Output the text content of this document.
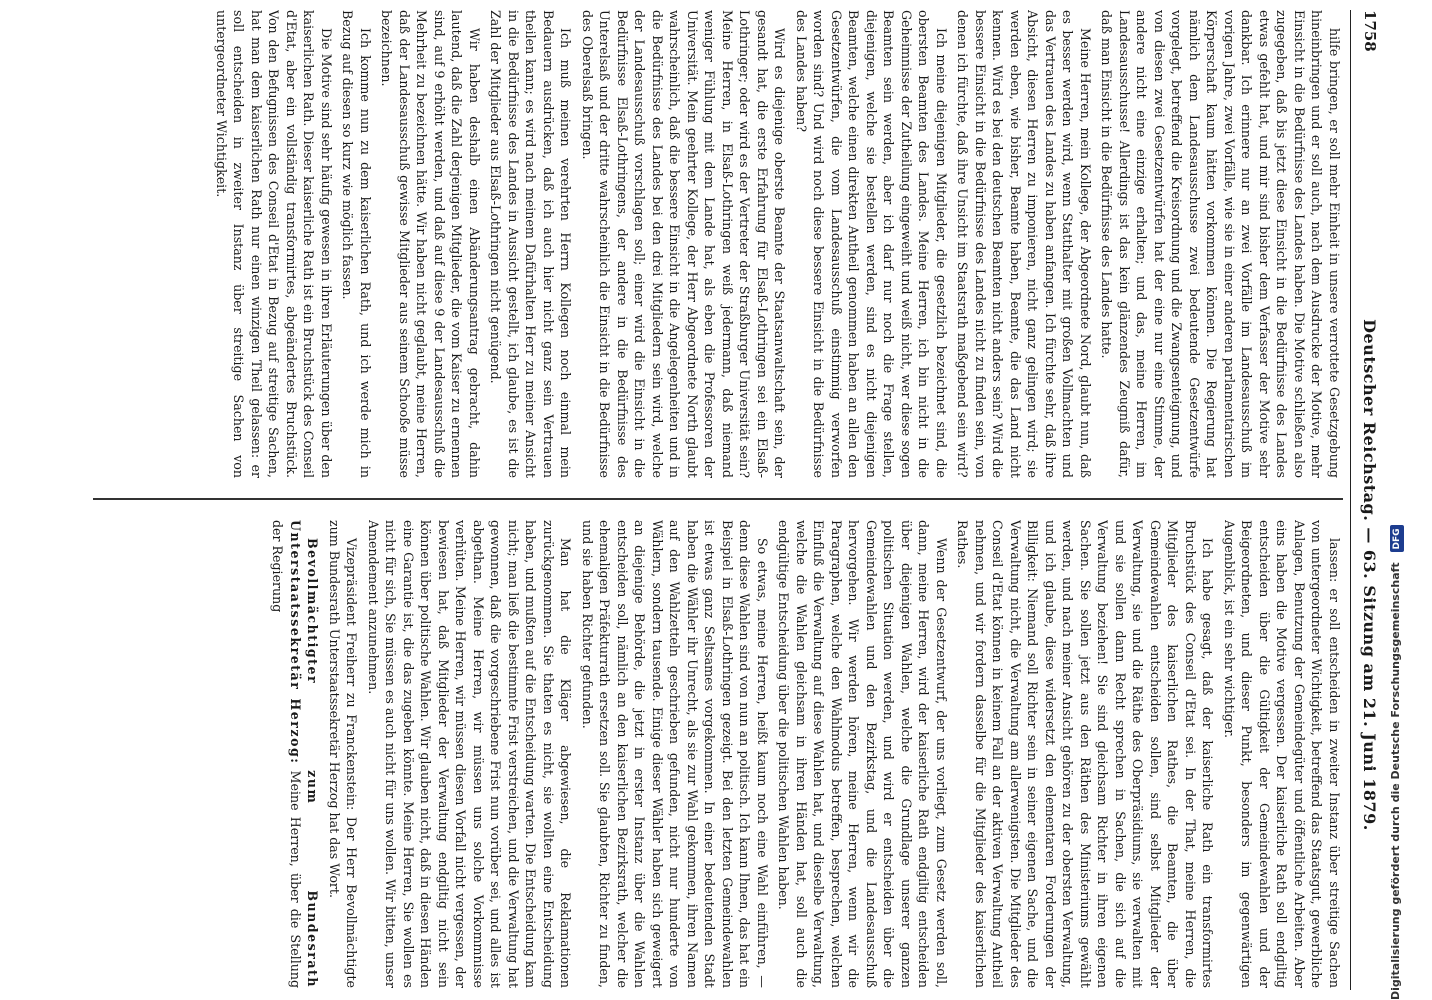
1758
Deutscher Reichstag. — 63. Sitzung am 21. Juni 1879.

hilfe bringen, er soll mehr Einheit in unsere verrottete Gesetzgebung hineinbringen und er soll auch, nach dem Ausdrucke der Motive, mehr Einsicht in die Bedürfnisse des Landes haben. Die Motive schließen also zugegeben, daß bis jetzt diese Einsicht in die Bedürfnisse des Landes etwas gefehlt hat, und mir sind bisher dem Verfasser der Motive sehr dankbar. Ich erinnere nur an zwei Vorfälle im Landesausschuß im vorigen Jahre, zwei Vorfälle, wie sie in einer anderen parlamentarischen Körperschaft kaum hätten vorkommen können. Die Regierung hat nämlich dem Landesausschusse zwei bedeutende Gesetzentwürfe vorgelegt, betreffend die Kreisordnung und die Zwangsenteignung, und von diesen zwei Gesetzentwürfen hat der eine nur eine Stimme, der andere nicht eine einzige erhalten; und das, meine Herren, im Landesausschusse! Allerdings ist das kein glänzendes Zeugniß dafür, daß man Einsicht in die Bedürfnisse des Landes hatte.

Meine Herren, mein Kollege, der Abgeordnete Nord, glaubt nun, daß es besser werden wird, wenn Statthalter mit großen Vollmachten und das Vertrauen des Landes zu haben anfangen. Ich fürchte sehr, daß ihre Absicht, diesen Herren zu imponieren, nicht ganz gelingen wird; sie werden eben, wie bisher, Beamte haben, Beamte, die das Land nicht kennen. Wird es bei den deutschen Beamten nicht anders sein? Wird die bessere Einsicht in die Bedürfnisse des Landes nicht zu finden sein, von denen ich fürchte, daß ihre Unsicht im Staatsrath maßgebend sein wird?

Ich meine diejenigen Mitglieder, die gesetzlich bezeichnet sind, die obersten Beamten des Landes. Meine Herren, ich bin nicht in die Geheimnisse der Zutheilung eingeweiht und weiß nicht, wer diese sogen Beamten sein werden, aber ich darf nur noch die Frage stellen, diejenigen, welche sie bestellen werden, sind es nicht diejenigen Beamten, welche einen direkten Antheil genommen haben an allen den Gesetzentwürfen, die vom Landesausschuß einstimmig verworfen worden sind? Und wird noch diese bessere Einsicht in die Bedürfnisse des Landes haben?

Wird es diejenige oberste Beamte der Staatsanwaltschaft sein, der gesandt hat, die erste Erfahrung für Elsaß-Lothringen sei ein Elsaß-Lothringer; oder wird es der Vertreter der Straßburger Universität sein? Meine Herren, in Elsaß-Lothringen weiß jedermann, daß niemand weniger Fühlung mit dem Lande hat, als eben die Professoren der Universität. Mein geehrter Kollege, der Herr Abgeordnete North glaubt wahrscheinlich, daß die bessere Einsicht in die Angelegenheiten und in die Bedürfnisse des Landes bei den drei Mitgliedern sein wird, welche der Landesausschuß vorschlagen soll; einer wird die Einsicht in die Bedürfnisse Elsaß-Lothringens, der andere in die Bedürfnisse des Unterelsaß und der dritte wahrscheinlich die Einsicht in die Bedürfnisse des Oberelsaß bringen.

Ich muß meinen verehrten Herrn Kollegen noch einmal mein Bedauern ausdrücken, daß ich auch hier nicht ganz sein Vertrauen theilen kann; es wird nach meinem Dafürhalten Herr zu meiner Ansicht in die Bedürfnisse des Landes in Aussicht gestellt, ich glaube, es ist die Zahl der Mitglieder aus Elsaß-Lothringen nicht genügend.

Wir haben deshalb einen Abänderungsantrag gebracht, dahin lautend, daß die Zahl derjenigen Mitglieder, die vom Kaiser zu ernennen sind, auf 9 erhöht werden, und daß auf diese 9 der Landesausschuß die Mehrheit zu bezeichnen hätte. Wir haben nicht geglaubt, meine Herren, daß der Landesausschuß gewisse Mitglieder aus seinem Schooße müsse bezeichnen.

Ich komme nun zu dem kaiserlichen Rath, und ich werde mich in Bezug auf diesen so kurz wie möglich fassen.

Die Motive sind sehr häufig gewesen in ihren Erläuterungen über den kaiserlichen Rath. Dieser kaiserliche Rath ist ein Bruchstück des Conseil d'Etat, aber ein vollständig transformirtes, abgeändertes Bruchstück. Von den Befugnissen des Conseil d'Etat in Bezug auf streitige Sachen, hat man dem kaiserlichen Rath nur einen winzigen Theil gelassen: er soll entscheiden in zweiter Instanz über streitige Sachen von untergeordneter Wichtigkeit.

lassen: er soll entscheiden in zweiter Instanz über streitige Sachen von untergeordneter Wichtigkeit, betreffend das Staatsgut, gewerbliche Anlagen, Benutzung der Gemeindegüter und öffentliche Arbeiten. Aber eins haben die Motive vergessen. Der kaiserliche Rath soll endgiltig entscheiden über die Gültigkeit der Gemeindewahlen und der Beigeordneten, und dieser Punkt, besonders im gegenwärtigen Augenblick, ist ein sehr wichtiger.

Ich habe gesagt, daß der kaiserliche Rath ein transformirtes Bruchstück des Conseil d'Etat sei. In der That, meine Herren, die Mitglieder des kaiserlichen Rathes, die Beamten, die über Gemeindewahlen entscheiden sollen, sind selbst Mitglieder der Verwaltung, sie und die Räthe des Oberpräsidiums, sie verwalten mit und sie sollen dann Recht sprechen in Sachen, die sich auf die Verwaltung beziehen! Sie sind gleichsam Richter in ihren eigenen Sachen. Sie sollen jetzt aus den Räthen des Ministeriums gewählt werden, und nach meiner Ansicht gehören zu der obersten Verwaltung, und ich glaube, diese widersetzt den elementaren Forderungen der Billigkeit: Niemand soll Richter sein in seiner eigenen Sache, und die Verwaltung nicht, die Verwaltung am allerwenigsten. Die Mitglieder des Conseil d'Etat können in keinem Fall an der aktiven Verwaltung Antheil nehmen, und wir fordern dasselbe für die Mitglieder des kaiserlichen Rathes.

Wenn der Gesetzentwurf, der uns vorliegt, zum Gesetz werden soll, dann, meine Herren, wird der kaiserliche Rath endgiltig entscheiden über diejenigen Wahlen, welche die Grundlage unserer ganzen politischen Situation werden, und wird er entscheiden über die Gemeindewahlen und den Bezirkstag, und die Landesausschuß hervorgehen. Wir werden hören, meine Herren, wenn wir die Paragraphen, welche den Wahlmodus betreffen, besprechen, welchen Einfluß die Verwaltung auf diese Wahlen hat, und dieselbe Verwaltung, welche die Wahlen gleichsam in ihren Händen hat, soll auch die endgültige Entscheidung über die politischen Wahlen haben.

So etwas, meine Herren, heißt kaum noch eine Wahl einführen, — denn diese Wahlen sind von nun an politisch. Ich kann Ihnen, das hat ein Beispiel in Elsaß-Lothringen gezeigt. Bei den letzten Gemeindewahlen ist etwas ganz Seltsames vorgekommen. In einer bedeutenden Stadt haben die Wähler ihr Unrecht, als sie zur Wahl gekommen, ihren Namen auf den Wahlzetteln geschrieben gefunden, nicht nur hunderte von Wählern, sondern tausende. Einige dieser Wähler haben sich geweigert an diejenige Behörde, die jetzt in erster Instanz über die Wahlen entscheiden soll, nämlich an den kaiserlichen Bezirksrath, welcher die ehemaligen Präfekturrath ersetzen soll. Sie glaubten, Richter zu finden, und sie haben Richter gefunden.

Man hat die Kläger abgewiesen, die Reklamationen zurückgenommen. Sie thaten es nicht, sie wollten eine Entscheidung haben, und mußten auf die Entscheidung warten. Die Entscheidung kam nicht; man ließ die bestimmte Frist verstreichen, und die Verwaltung hat gewonnen, daß die vorgeschriebene Frist nun vorüber sei, und alles ist abgethan. Meine Herren, wir müssen uns solche Vorkommnisse verhüten. Meine Herren, wir müssen diesen Vorfall nicht vergessen, der bewiesen hat, daß Mitglieder der Verwaltung endgiltig nicht sein können über politische Wahlen. Wir glauben nicht, daß in diesen Händen eine Garantie ist, die das zugeben könnte. Meine Herren, Sie wollen es nicht für sich, Sie müssen es auch nicht für uns wollen. Wir bitten, unser Amendement anzunehmen.

Vizepräsident Freiherr zu Franckenstein: Der Herr Bevollmächtigte zum Bundesrath Unterstaatssekretär Herzog hat das Wort.

Bevollmächtigter zum Bundesrath Unterstaatssekretär Herzog: Meine Herren, über die Stellung der Regierung	Digitalisierung gefördert durch die Deutsche Forschungsgemeinschaft DFG
